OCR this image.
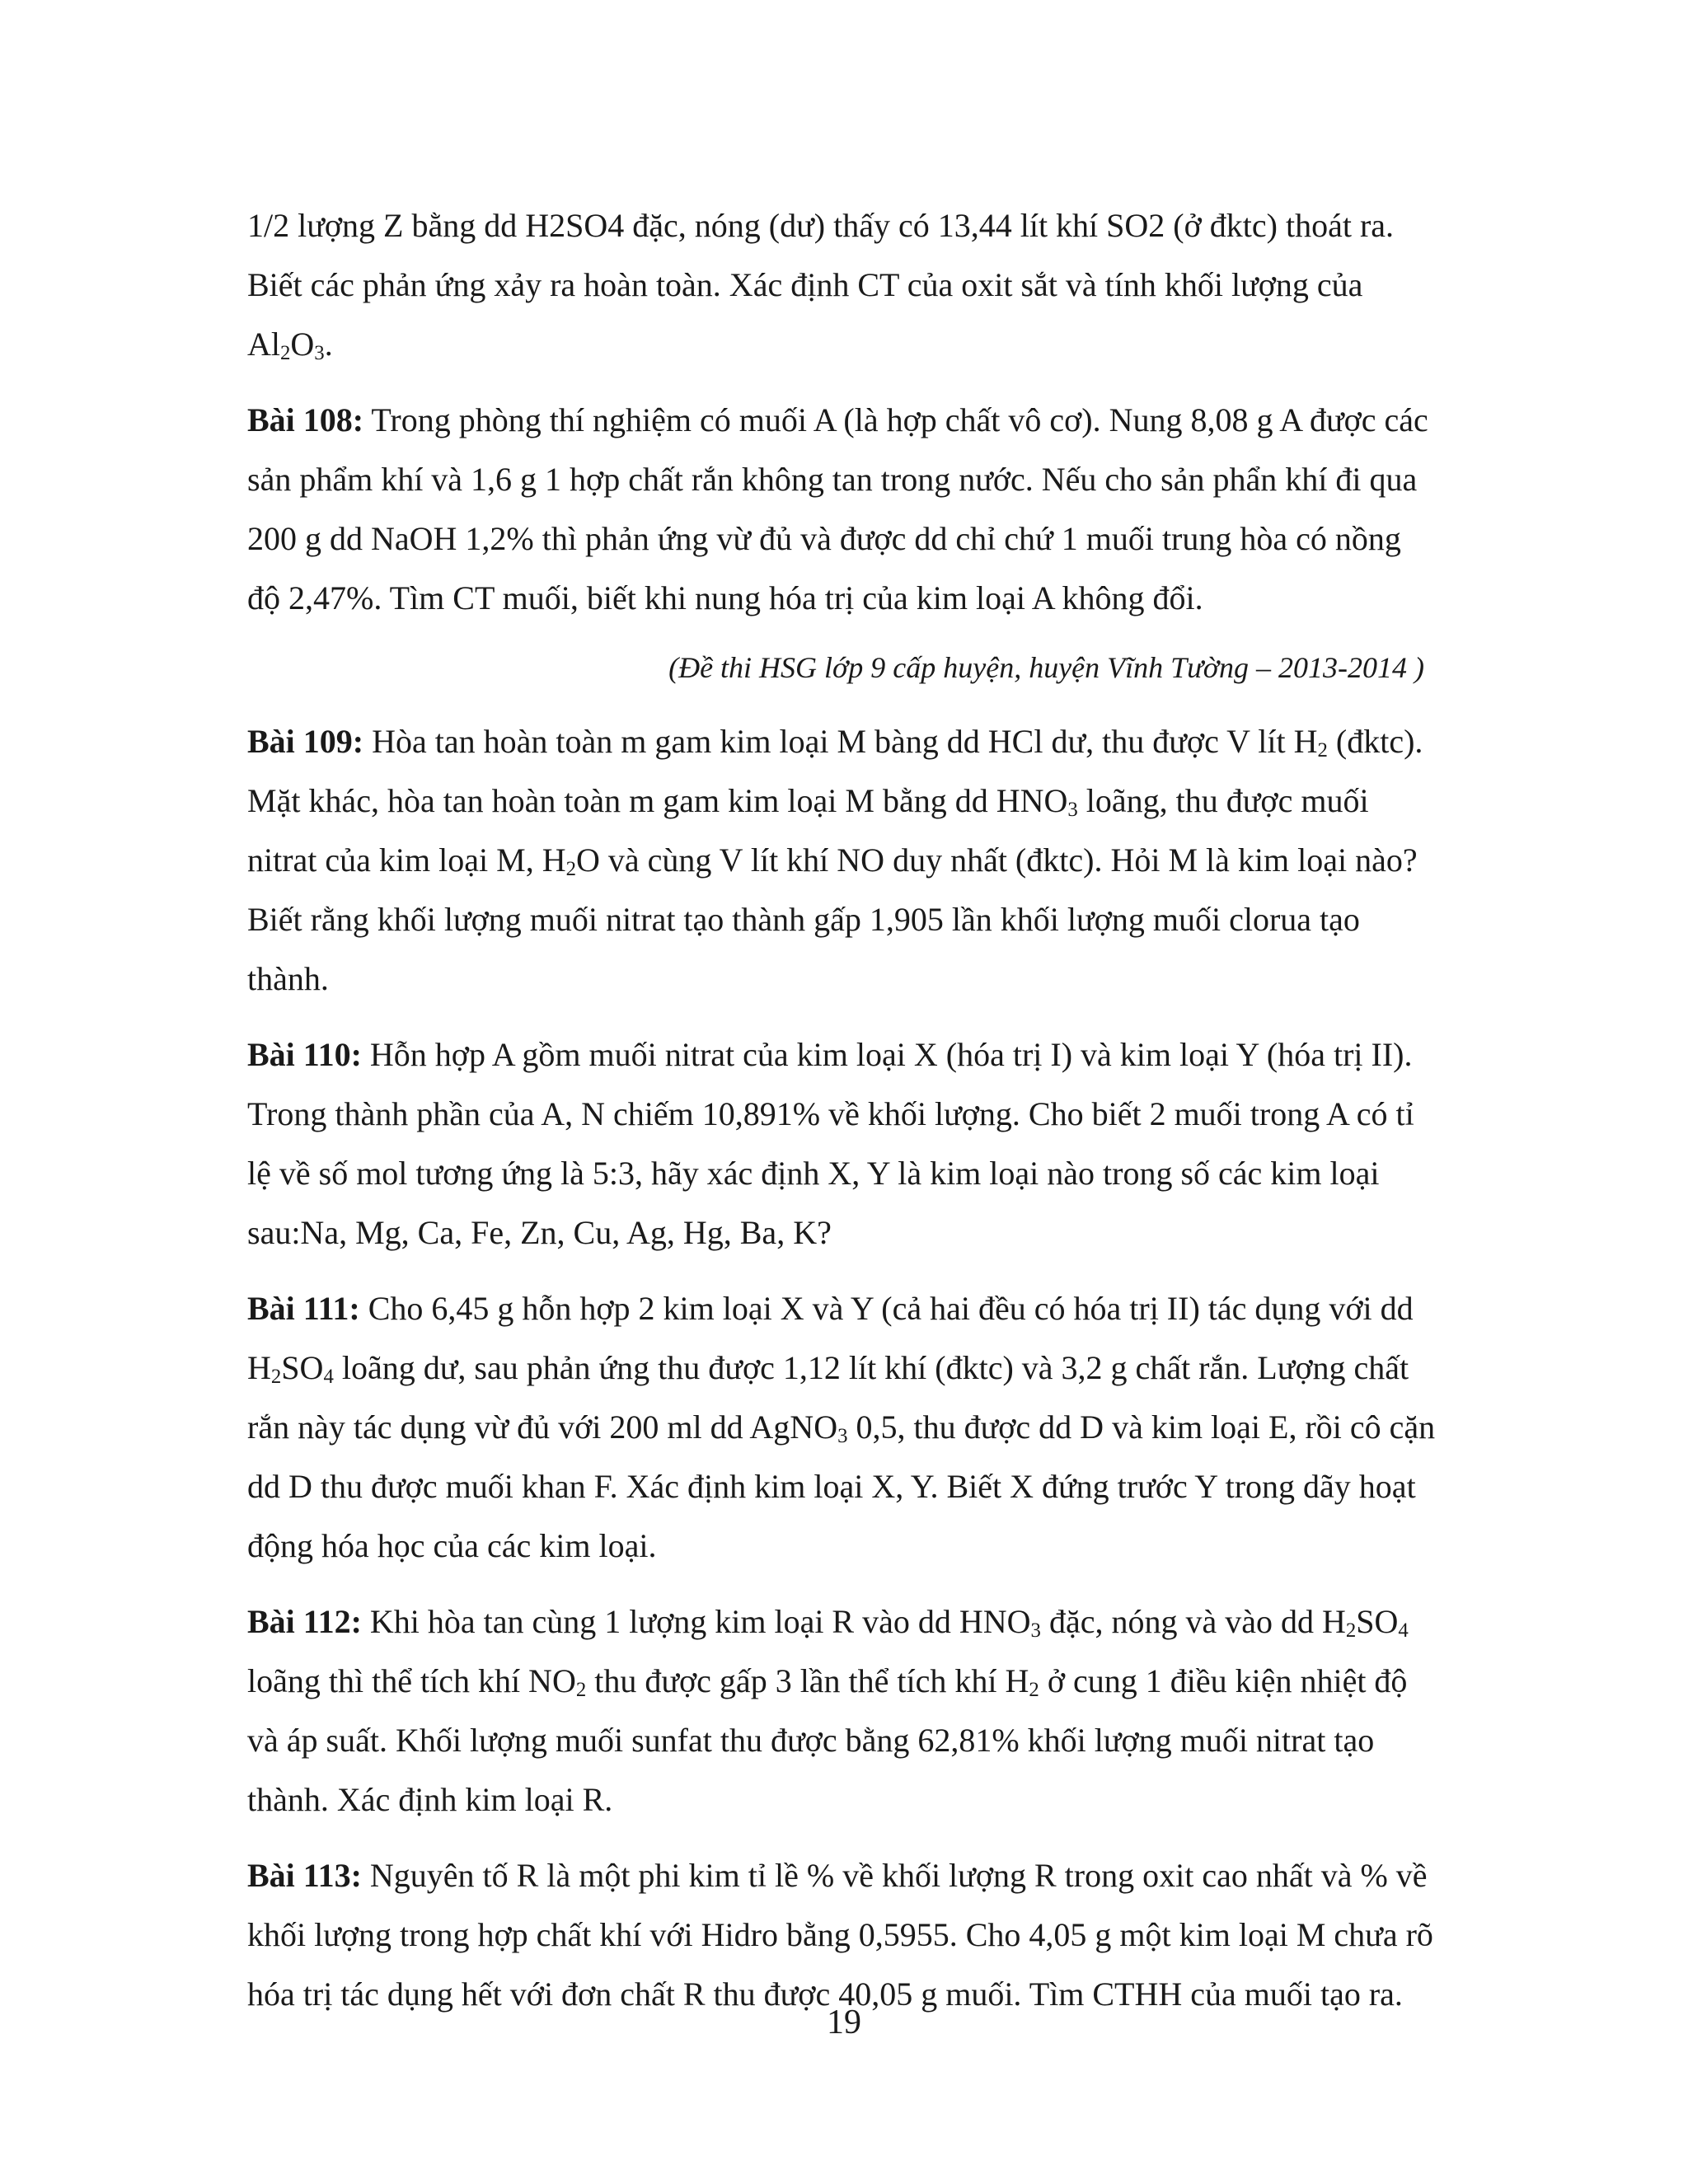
1/2 lượng Z bằng dd H2SO4 đặc, nóng (dư) thấy có 13,44 lít khí SO2 (ở đktc) thoát ra. Biết các phản ứng xảy ra hoàn toàn. Xác định CT của oxit sắt và tính khối lượng của $Al_2O_3$.

Bài 108: Trong phòng thí nghiệm có muối A (là hợp chất vô cơ). Nung 8,08 g A được các sản phẩm khí và 1,6 g 1 hợp chất rắn không tan trong nước. Nếu cho sản phẩn khí đi qua 200 g dd NaOH 1,2% thì phản ứng vừ đủ và được dd chỉ chứ 1 muối trung hòa có nồng độ 2,47%. Tìm CT muối, biết khi nung hóa trị của kim loại A không đổi.

(Đề thi HSG lớp 9 cấp huyện, huyện Vĩnh Tường – 2013-2014 )

Bài 109: Hòa tan hoàn toàn m gam kim loại M bàng dd HCl dư, thu được V lít $H_2$ (đktc). Mặt khác, hòa tan hoàn toàn m gam kim loại M bằng dd $HNO_3$ loãng, thu được muối nitrat của kim loại M, $H_2O$ và cùng V lít khí NO duy nhất (đktc). Hỏi M là kim loại nào? Biết rằng khối lượng muối nitrat tạo thành gấp 1,905 lần khối lượng muối clorua tạo thành.

Bài 110: Hỗn hợp A gồm muối nitrat của kim loại X (hóa trị I) và kim loại Y (hóa trị II). Trong thành phần của A, N chiếm 10,891% về khối lượng. Cho biết 2 muối trong A có tỉ lệ về số mol tương ứng là 5:3, hãy xác định X, Y là kim loại nào trong số các kim loại sau:Na, Mg, Ca, Fe, Zn, Cu, Ag, Hg, Ba, K?

Bài 111: Cho 6,45 g hỗn hợp 2 kim loại X và Y (cả hai đều có hóa trị II) tác dụng với dd $H_2SO_4$ loãng dư, sau phản ứng thu được 1,12 lít khí (đktc) và 3,2 g chất rắn. Lượng chất rắn này tác dụng vừ đủ với 200 ml dd AgNO$_3$ 0,5, thu được dd D và kim loại E, rồi cô cặn dd D thu được muối khan F. Xác định kim loại X, Y. Biết X đứng trước Y trong dãy hoạt động hóa học của các kim loại.

Bài 112: Khi hòa tan cùng 1 lượng kim loại R vào dd $HNO_3$ đặc, nóng và vào dd $H_2SO_4$ loãng thì thể tích khí $NO_2$ thu được gấp 3 lần thể tích khí $H_2$ ở cung 1 điều kiện nhiệt độ và áp suất. Khối lượng muối sunfat thu được bằng 62,81% khối lượng muối nitrat tạo thành. Xác định kim loại R.

Bài 113: Nguyên tố R là một phi kim tỉ lề % về khối lượng R trong oxit cao nhất và % về khối lượng trong hợp chất khí với Hidro bằng 0,5955. Cho 4,05 g một kim loại M chưa rõ hóa trị tác dụng hết với đơn chất R thu được 40,05 g muối. Tìm CTHH của muối tạo ra.

19
